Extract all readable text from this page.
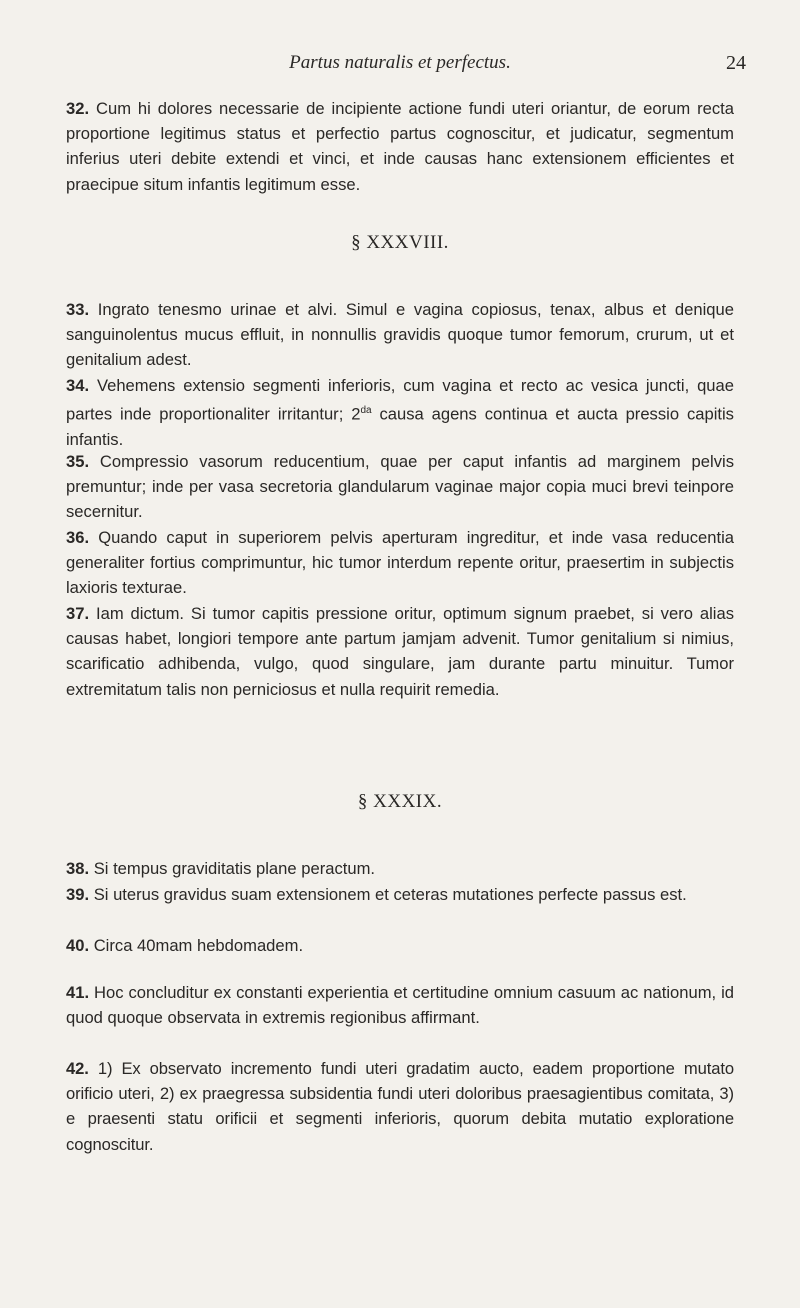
Partus naturalis et perfectus.	24

32. Cum hi dolores necessarie de incipiente actione fundi uteri oriantur, de eorum recta proportione legitimus status et perfectio partus cognoscitur, et judicatur, segmentum inferius uteri debite extendi et vinci, et inde causas hanc extensionem efficientes et praecipue situm infantis legitimum esse.

§ XXXVIII.

33. Ingrato tenesmo urinae et alvi. Simul e vagina copiosus, tenax, albus et denique sanguinolentus mucus effluit, in nonnullis gravidis quoque tumor femorum, crurum, ut et genitalium adest.

34. Vehemens extensio segmenti inferioris, cum vagina et recto ac vesica juncti, quae partes inde proportionaliter irritantur; $2^{da}$ causa agens continua et aucta pressio capitis infantis.

35. Compressio vasorum reducentium, quae per caput infantis ad marginem pelvis premuntur; inde per vasa secretoria glandularum vaginae major copia muci brevi teinpore secernitur.

36. Quando caput in superiorem pelvis aperturam ingreditur, et inde vasa reducentia generaliter fortius comprimuntur, hic tumor interdum repente oritur, praesertim in subjectis laxioris texturae.

37. Iam dictum. Si tumor capitis pressione oritur, optimum signum praebet, si vero alias causas habet, longiori tempore ante partum jamjam advenit. Tumor genitalium si nimius, scarificatio adhibenda, vulgo, quod singulare, jam durante partu minuitur. Tumor extremitatum talis non perniciosus et nulla requirit remedia.

§ XXXIX.

38. Si tempus graviditatis plane peractum.

39. Si uterus gravidus suam extensionem et ceteras mutationes perfecte passus est.

40. Circa 40mam hebdomadem.

41. Hoc concluditur ex constanti experientia et certitudine omnium casuum ac nationum, id quod quoque observata in extremis regionibus affirmant.

42. 1) Ex observato incremento fundi uteri gradatim aucto, eadem proportione mutato orificio uteri, 2) ex praegressa subsidentia fundi uteri doloribus praesagientibus comitata, 3) e praesenti statu orificii et segmenti inferioris, quorum debita mutatio exploratione cognoscitur.
